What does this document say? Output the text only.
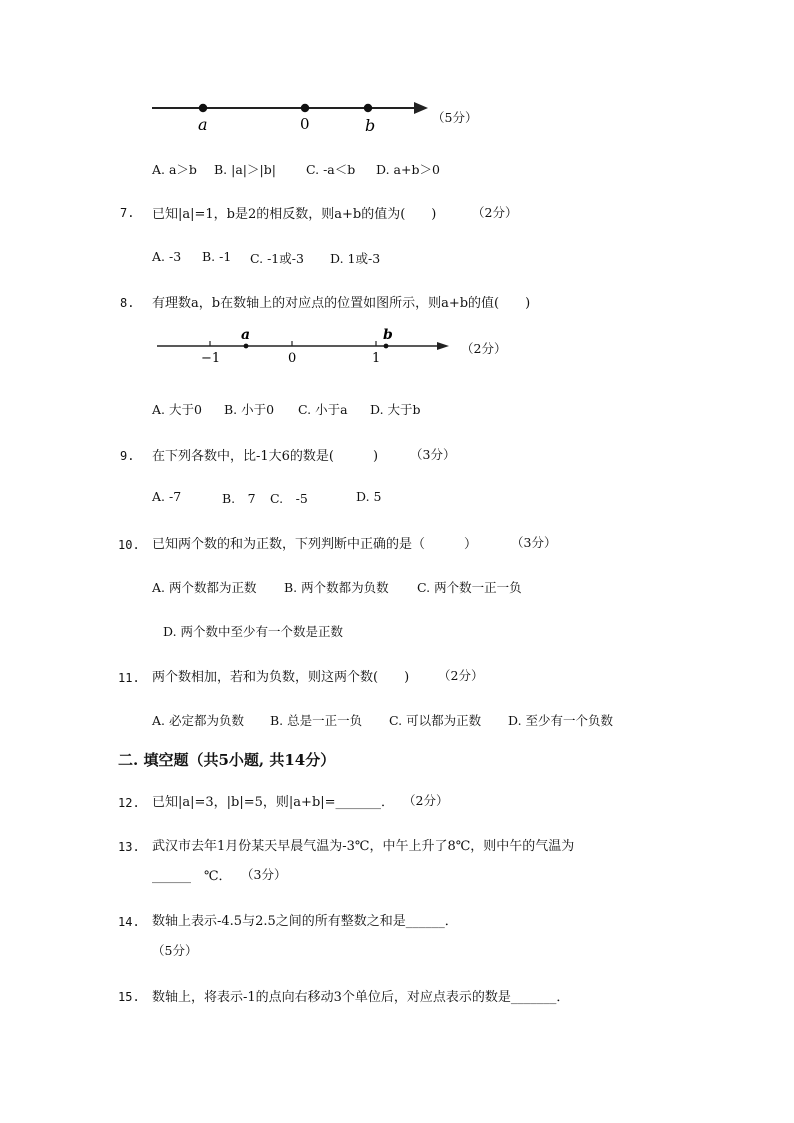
a	0	b	（5分）
A. a＞b B. |a|＞|b| C. -a＜b D. a+b＞0
7. 已知|a|=1，b是2的相反数，则a+b的值为(　　)	（2分）
A. -3 B. -1 C. -1或-3 D. 1或-3
8. 有理数a，b在数轴上的对应点的位置如图所示，则a+b的值(　　)
−1
a
0	1
b
（2分）
A. 大于0 B. 小于0 C. 小于a D. 大于b
9. 在下列各数中，比-1大6的数是(　　　)	（3分）
A. -7	B.　7 C.　-5	D. 5
10. 已知两个数的和为正数，下列判断中正确的是（　　　）	（3分）
A. 两个数都为正数 B. 两个数都为负数 C. 两个数一正一负
D. 两个数中至少有一个数是正数
11. 两个数相加，若和为负数，则这两个数(　　) （2分）
A. 必定都为负数 B. 总是一正一负 C. 可以都为正数 D. 至少有一个负数
二. 填空题（共5小题, 共14分）
12. 已知|a|=3，|b|=5，则|a+b|=_______． （2分）
13. 武汉市去年1月份某天早晨气温为-3℃，中午上升了8℃，则中午的气温为
______　℃． （3分）
14. 数轴上表示-4.5与2.5之间的所有整数之和是______．
（5分）
15. 数轴上，将表示-1的点向右移动3个单位后，对应点表示的数是_______．
